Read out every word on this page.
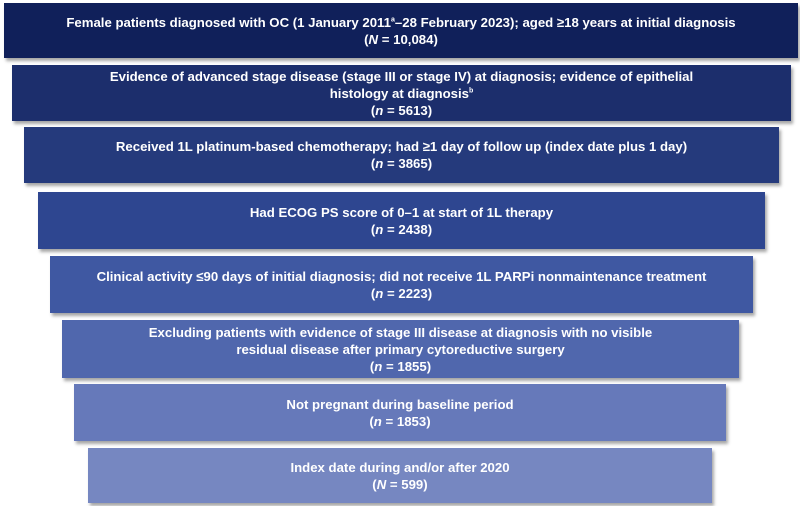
Female patients diagnosed with OC (1 January 2011$^a$–28 February 2023); aged ≥18 years at initial diagnosis
(N = 10,084)
Evidence of advanced stage disease (stage III or stage IV) at diagnosis; evidence of epithelial histology at diagnosis$^b$
(n = 5613)
Received 1L platinum-based chemotherapy; had ≥1 day of follow up (index date plus 1 day)
(n = 3865)
Had ECOG PS score of 0–1 at start of 1L therapy
(n = 2438)
Clinical activity ≤90 days of initial diagnosis; did not receive 1L PARPi nonmaintenance treatment
(n = 2223)
Excluding patients with evidence of stage III disease at diagnosis with no visible residual disease after primary cytoreductive surgery
(n = 1855)
Not pregnant during baseline period
(n = 1853)
Index date during and/or after 2020
(N = 599)
